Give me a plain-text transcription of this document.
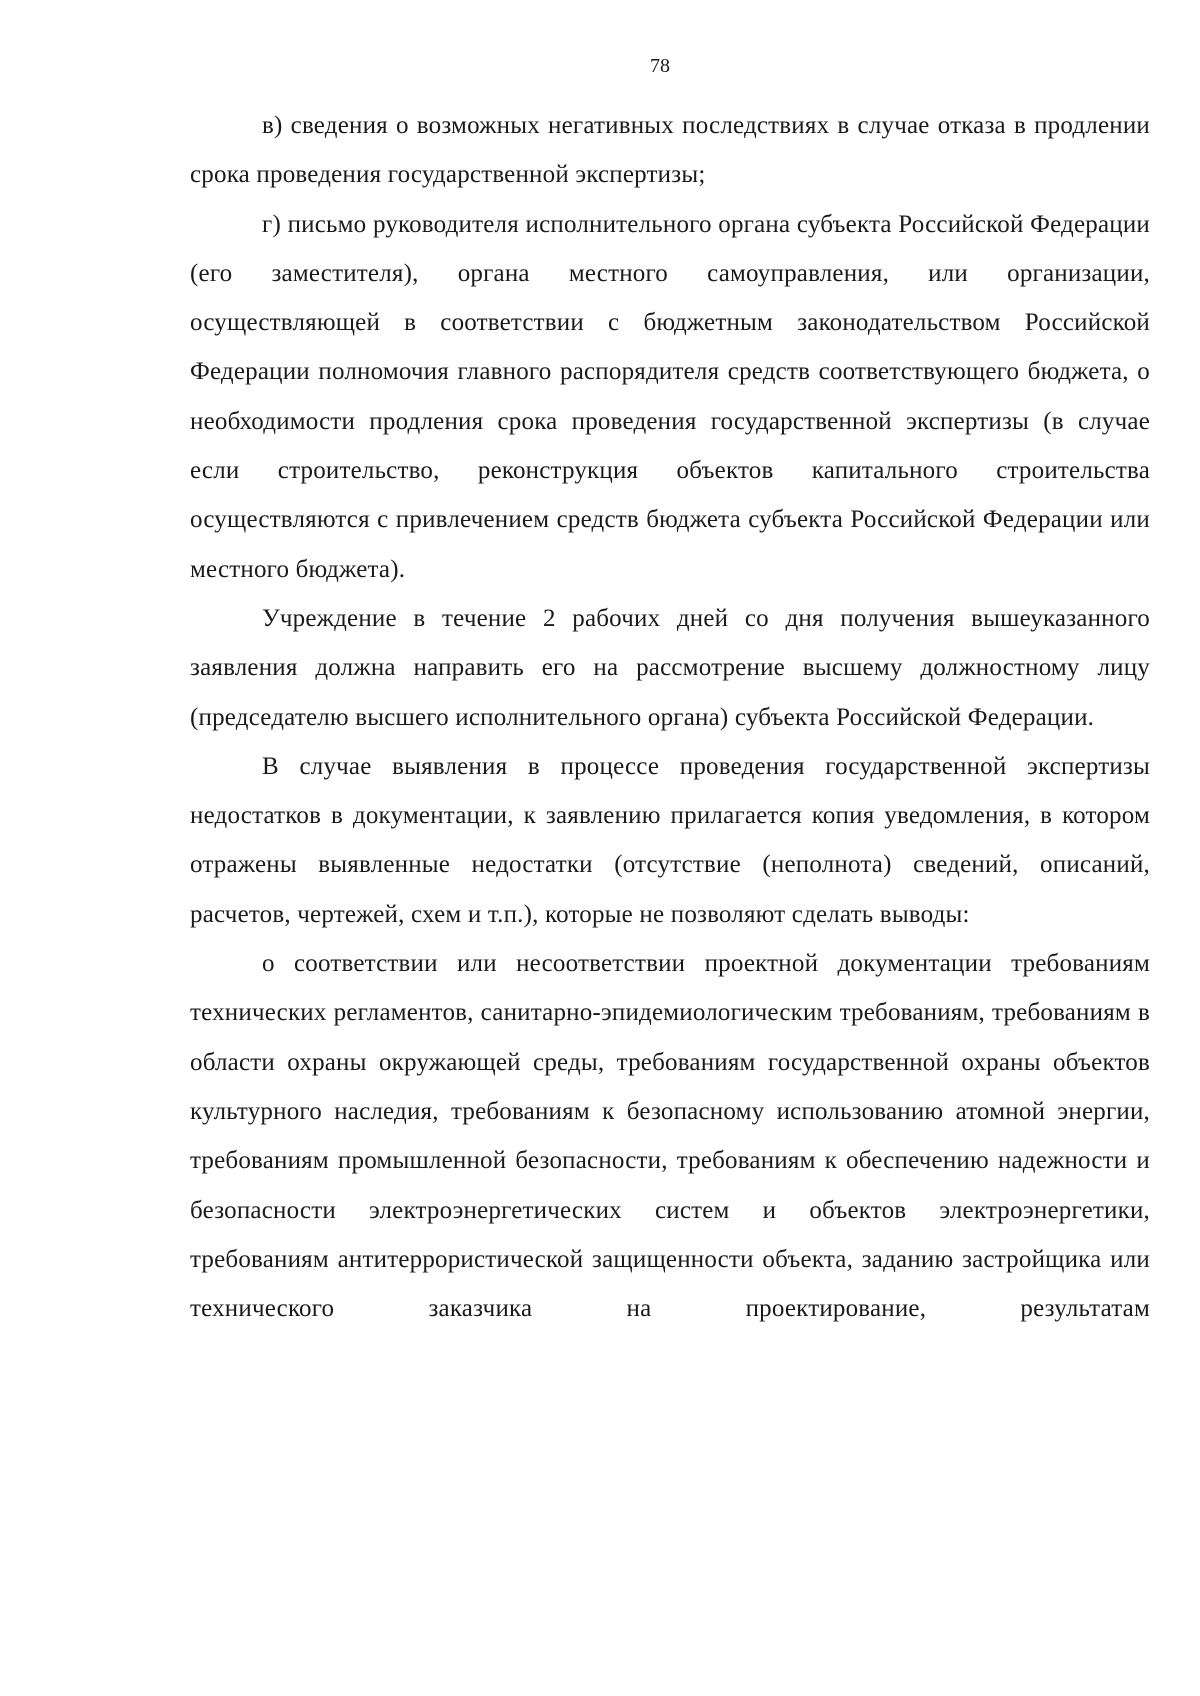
78

в) сведения о возможных негативных последствиях в случае отказа в продлении срока проведения государственной экспертизы;

г) письмо руководителя исполнительного органа субъекта Российской Федерации (его заместителя), органа местного самоуправления, или организации, осуществляющей в соответствии с бюджетным законодательством Российской Федерации полномочия главного распорядителя средств соответствующего бюджета, о необходимости продления срока проведения государственной экспертизы (в случае если строительство, реконструкция объектов капитального строительства осуществляются с привлечением средств бюджета субъекта Российской Федерации или местного бюджета).

Учреждение в течение 2 рабочих дней со дня получения вышеуказанного заявления должна направить его на рассмотрение высшему должностному лицу (председателю высшего исполнительного органа) субъекта Российской Федерации.

В случае выявления в процессе проведения государственной экспертизы недостатков в документации, к заявлению прилагается копия уведомления, в котором отражены выявленные недостатки (отсутствие (неполнота) сведений, описаний, расчетов, чертежей, схем и т.п.), которые не позволяют сделать выводы:

о соответствии или несоответствии проектной документации требованиям технических регламентов, санитарно-эпидемиологическим требованиям, требованиям в области охраны окружающей среды, требованиям государственной охраны объектов культурного наследия, требованиям к безопасному использованию атомной энергии, требованиям промышленной безопасности, требованиям к обеспечению надежности и безопасности электроэнергетических систем и объектов электроэнергетики, требованиям антитеррористической защищенности объекта, заданию застройщика или технического заказчика на проектирование, результатам
